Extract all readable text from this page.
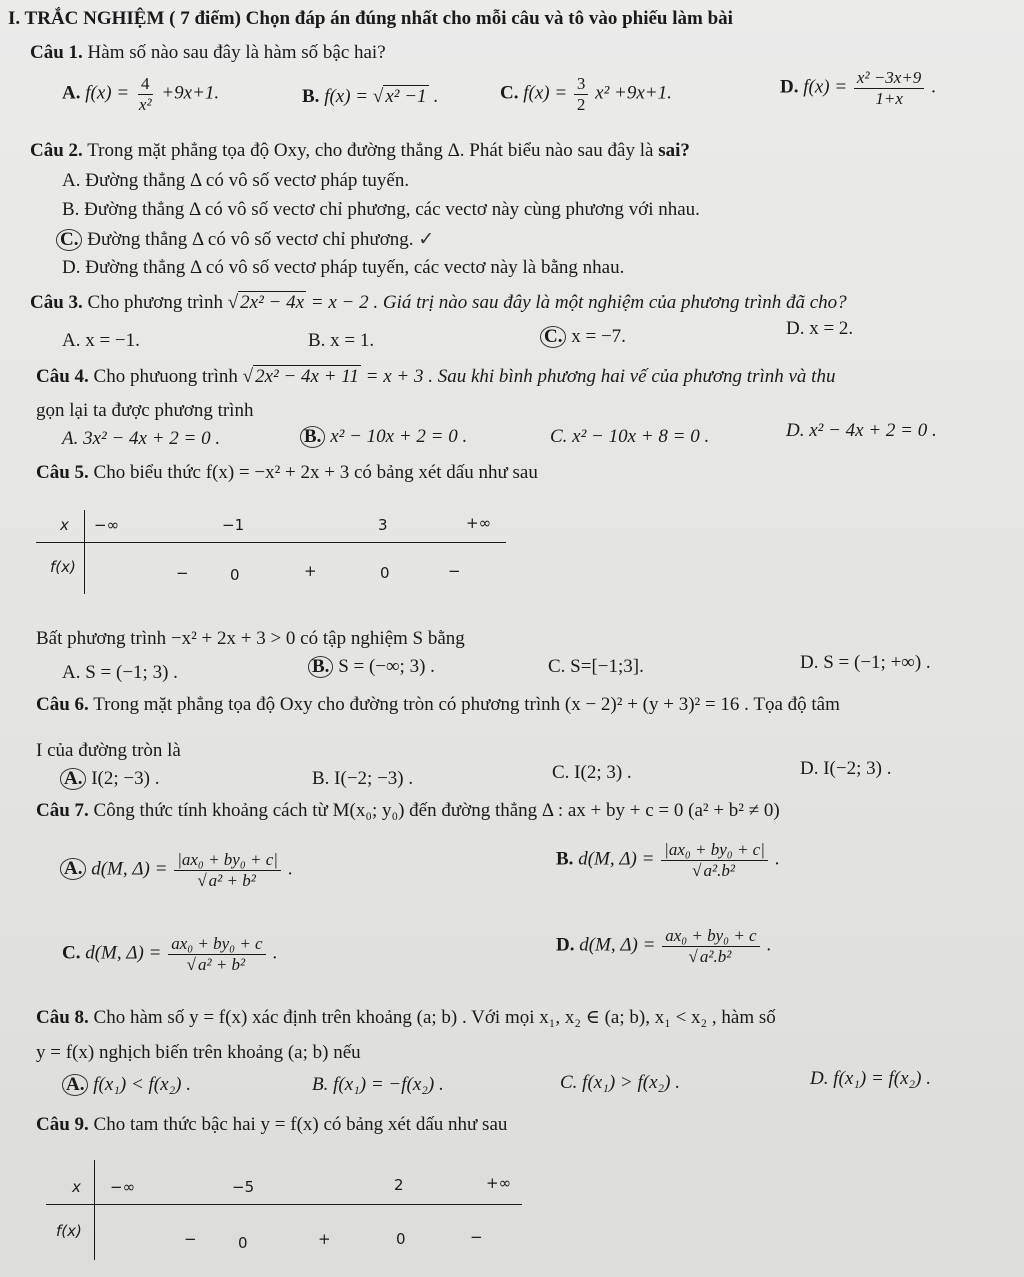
I. TRẮC NGHIỆM ( 7 điểm) Chọn đáp án đúng nhất cho mỗi câu và tô vào phiếu làm bài
Câu 1. Hàm số nào sau đây là hàm số bậc hai?
A. $f(x) = \frac{4}{\text{x²}} +9x+1$.	B. f(x) = √ x² −1 .	C. $f(x) = \frac{3}{2} x^2 +9x+1$.	D. $f(x) = \frac{\text{x² −3x+9}}{1+x}$ .
Câu 2. Trong mặt phẳng tọa độ Oxy, cho đường thẳng Δ. Phát biểu nào sau đây là sai?
A. Đường thẳng Δ có vô số vectơ pháp tuyến.
B. Đường thẳng Δ có vô số vectơ chỉ phương, các vectơ này cùng phương với nhau.
C. Đường thẳng Δ có vô số vectơ chỉ phương. ✓
D. Đường thẳng Δ có vô số vectơ pháp tuyến, các vectơ này là bằng nhau.
Câu 3. Cho phương trình √ 2x² − 4x = x − 2 . Giá trị nào sau đây là một nghiệm của phương trình đã cho?
A. x = −1.	B. x = 1.	C. x = −7.	D. x = 2.
Câu 4. Cho phưuong trình √ 2x² − 4x + 11 = x + 3 . Sau khi bình phương hai vế của phương trình và thu
gọn lại ta được phương trình
A. 3x² − 4x + 2 = 0 .	B. x² − 10x + 2 = 0 .	C. x² − 10x + 8 = 0 .	D. x² − 4x + 2 = 0 .
Câu 5. Cho biểu thức f(x) = −x² + 2x + 3 có bảng xét dấu như sau
x −∞	−1	3	+∞
f(x)	−	0	+	0	−
Bất phương trình −x² + 2x + 3 > 0 có tập nghiệm S bằng
A. S = (−1; 3) .	B. S = (−∞; 3) .	C. S=[−1;3].	D. S = (−1; +∞) .
Câu 6. Trong mặt phẳng tọa độ Oxy cho đường tròn có phương trình (x − 2)² + (y + 3)² = 16 . Tọa độ tâm
I của đường tròn là
A. I(2; −3) .	B. I(−2; −3) .	C. I(2; 3) .	D. I(−2; 3) .
Câu 7. Công thức tính khoảng cách từ M(x₀; y₀) đến đường thẳng Δ : ax + by + c = 0 (a² + b² ≠ 0)
A. d(M, $\Delta) = \frac{\text{|ax₀ + by₀ + c|}}{\text{√ a² + b²}}$ .	B. d(M, $\Delta) = \frac{\text{|ax₀ + by₀ + c|}}{\text{√ a².b²}}$ .
C. d(M, $\Delta) = \frac{\text{ax₀ + by₀ + c}}{\text{√ a² + b²}}$ .	D. d(M, $\Delta) = \frac{\text{ax₀ + by₀ + c}}{\text{√ a².b²}}$ .
Câu 8. Cho hàm số y = f(x) xác định trên khoảng (a; b) . Với mọi x₁, x₂ ∈ (a; b), x₁ < x₂ , hàm số
y = f(x) nghịch biến trên khoảng (a; b) nếu
A. f(x₁) < f(x₂) .	B. f(x₁) = −f(x₂) .	C. f(x₁) > f(x₂) .	D. f(x₁) = f(x₂) .
Câu 9. Cho tam thức bậc hai y = f(x) có bảng xét dấu như sau
x −∞	−5	2	+∞
f(x)	−	0	+	0	−
